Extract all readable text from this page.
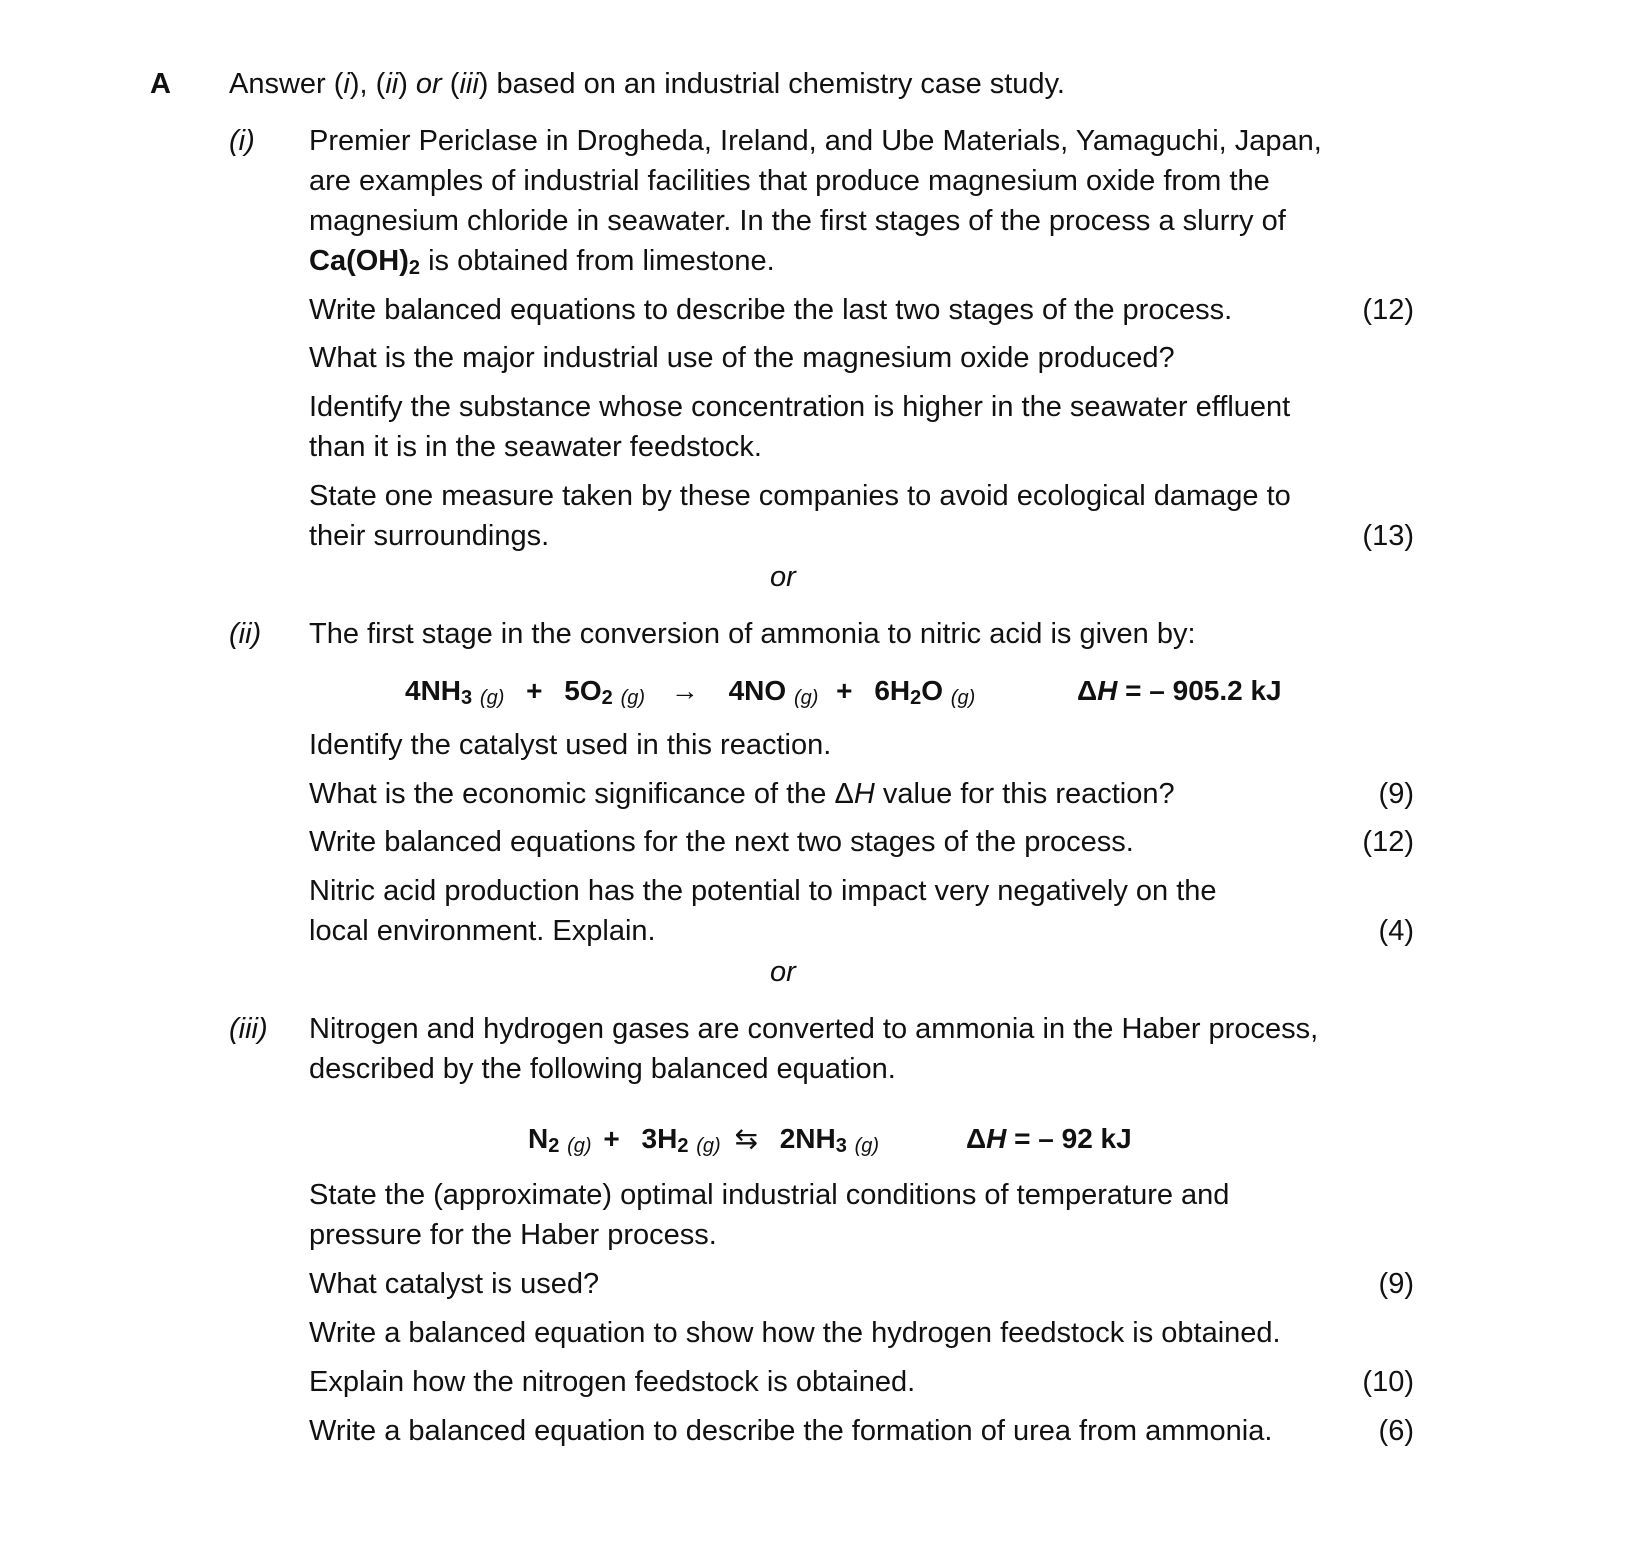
A Answer (i), (ii) or (iii) based on an industrial chemistry case study.
(i) Premier Periclase in Drogheda, Ireland, and Ube Materials, Yamaguchi, Japan,
are examples of industrial facilities that produce magnesium oxide from the
magnesium chloride in seawater. In the first stages of the process a slurry of
Ca(OH)2 is obtained from limestone.
Write balanced equations to describe the last two stages of the process.	(12)
What is the major industrial use of the magnesium oxide produced?
Identify the substance whose concentration is higher in the seawater effluent
than it is in the seawater feedstock.
State one measure taken by these companies to avoid ecological damage to
their surroundings.	(13)
or
(ii) The first stage in the conversion of ammonia to nitric acid is given by:
$4NH_3$ $(g) + 5O_2$ (g) → 4NO $(g) + 6H_2O$ (g)	ΔH = – 905.2 kJ
Identify the catalyst used in this reaction.
What is the economic significance of the ΔH value for this reaction?	(9)
Write balanced equations for the next two stages of the process.	(12)
Nitric acid production has the potential to impact very negatively on the
local environment. Explain.	(4)
or
(iii) Nitrogen and hydrogen gases are converted to ammonia in the Haber process,
described by the following balanced equation.
$N_2$ $(g) + 3H_2$ (g) ⇆ $2NH_3$ (g)	ΔH = – 92 kJ
State the (approximate) optimal industrial conditions of temperature and
pressure for the Haber process.
What catalyst is used?	(9)
Write a balanced equation to show how the hydrogen feedstock is obtained.
Explain how the nitrogen feedstock is obtained.	(10)
Write a balanced equation to describe the formation of urea from ammonia.	(6)
